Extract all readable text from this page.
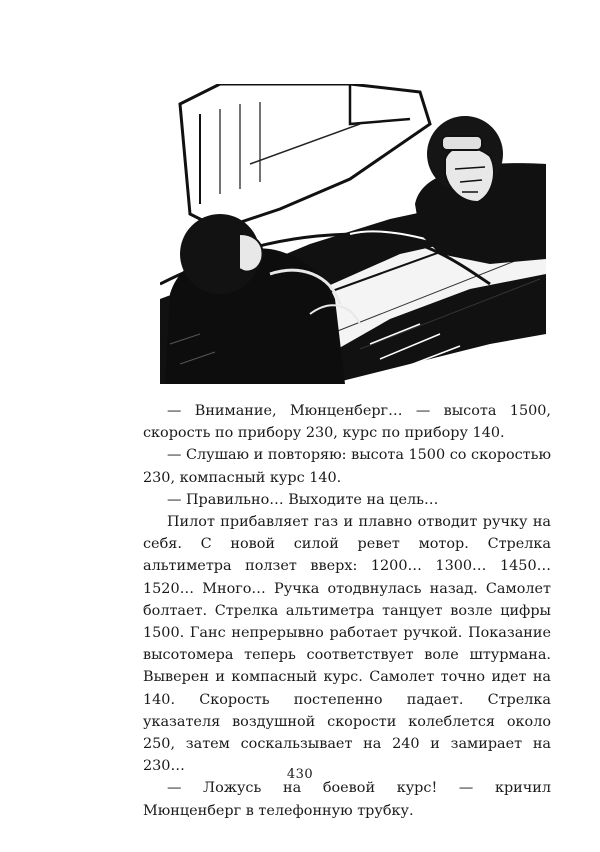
— Внимание, Мюнценберг… — высота 1500, скорость по прибору 230, курс по прибору 140.

— Слушаю и повторяю: высота 1500 со скоростью 230, компасный курс 140.

— Правильно… Выходите на цель…

Пилот прибавляет газ и плавно отводит ручку на себя. С новой силой ревет мотор. Стрелка альтиметра ползет вверх: 1200… 1300… 1450… 1520… Много… Ручка отодвнулась назад. Самолет болтает. Стрелка альтиметра танцует возле цифры 1500. Ганс непрерывно работает ручкой. Показание высотомера теперь соответствует воле штурмана. Выверен и компасный курс. Самолет точно идет на 140. Скорость постепенно падает. Стрелка указателя воздушной скорости колеблется около 250, затем соскальзывает на 240 и замирает на 230…

— Ложусь на боевой курс! — кричил Мюнценберг в телефонную трубку.

430
